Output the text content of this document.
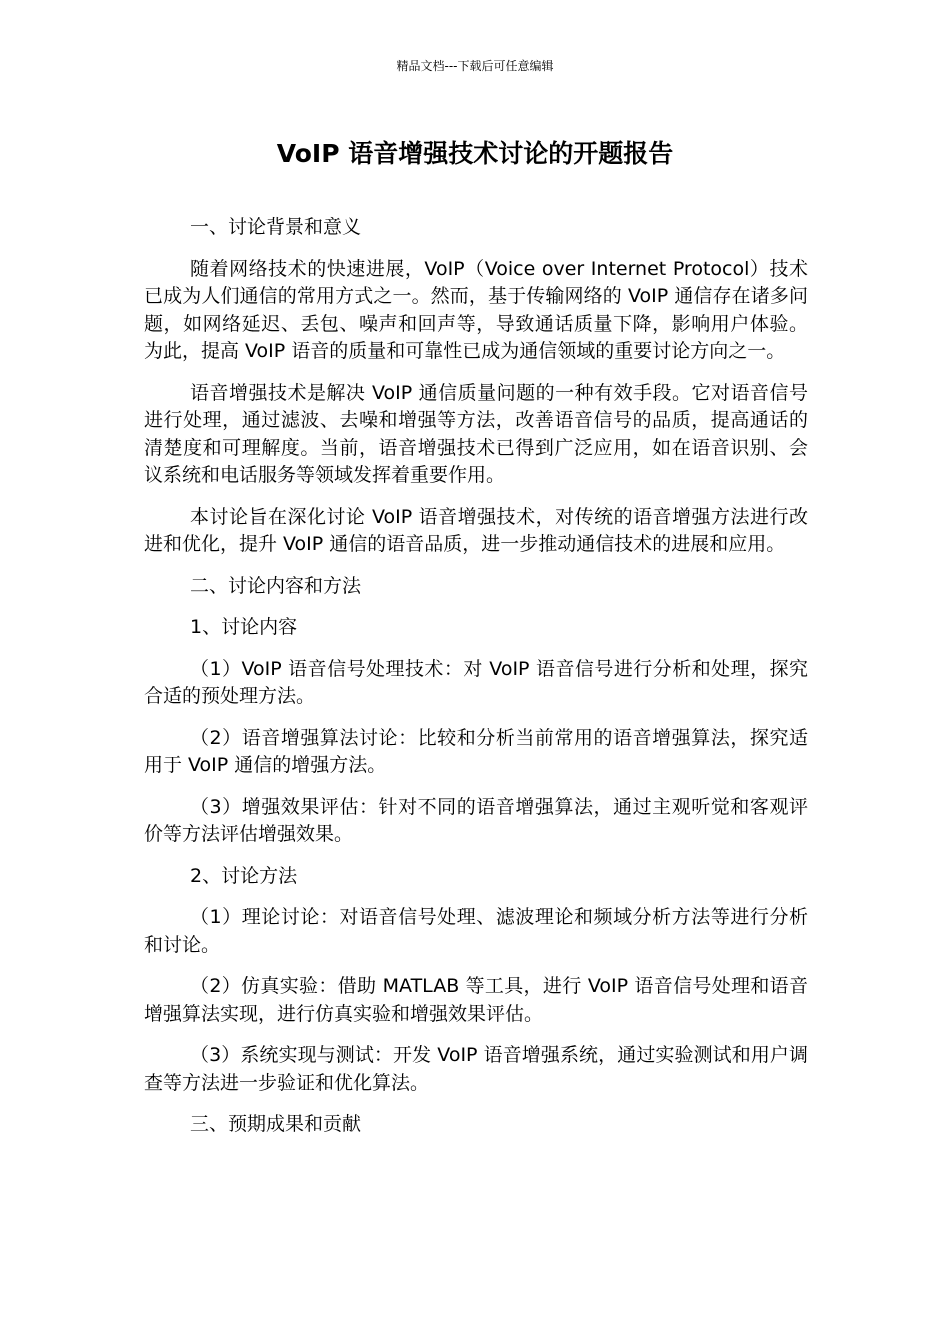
精品文档---下载后可任意编辑
VoIP 语音增强技术讨论的开题报告

一、讨论背景和意义

随着网络技术的快速进展，VoIP（Voice over Internet Protocol）技术已成为人们通信的常用方式之一。然而，基于传输网络的 VoIP 通信存在诸多问题，如网络延迟、丢包、噪声和回声等，导致通话质量下降，影响用户体验。为此，提高 VoIP 语音的质量和可靠性已成为通信领域的重要讨论方向之一。

语音增强技术是解决 VoIP 通信质量问题的一种有效手段。它对语音信号进行处理，通过滤波、去噪和增强等方法，改善语音信号的品质，提高通话的清楚度和可理解度。当前，语音增强技术已得到广泛应用，如在语音识别、会议系统和电话服务等领域发挥着重要作用。

本讨论旨在深化讨论 VoIP 语音增强技术，对传统的语音增强方法进行改进和优化，提升 VoIP 通信的语音品质，进一步推动通信技术的进展和应用。

二、讨论内容和方法

1、讨论内容

（1）VoIP 语音信号处理技术：对 VoIP 语音信号进行分析和处理，探究合适的预处理方法。

（2）语音增强算法讨论：比较和分析当前常用的语音增强算法，探究适用于 VoIP 通信的增强方法。

（3）增强效果评估：针对不同的语音增强算法，通过主观听觉和客观评价等方法评估增强效果。

2、讨论方法

（1）理论讨论：对语音信号处理、滤波理论和频域分析方法等进行分析和讨论。

（2）仿真实验：借助 MATLAB 等工具，进行 VoIP 语音信号处理和语音增强算法实现，进行仿真实验和增强效果评估。

（3）系统实现与测试：开发 VoIP 语音增强系统，通过实验测试和用户调查等方法进一步验证和优化算法。

三、预期成果和贡献
